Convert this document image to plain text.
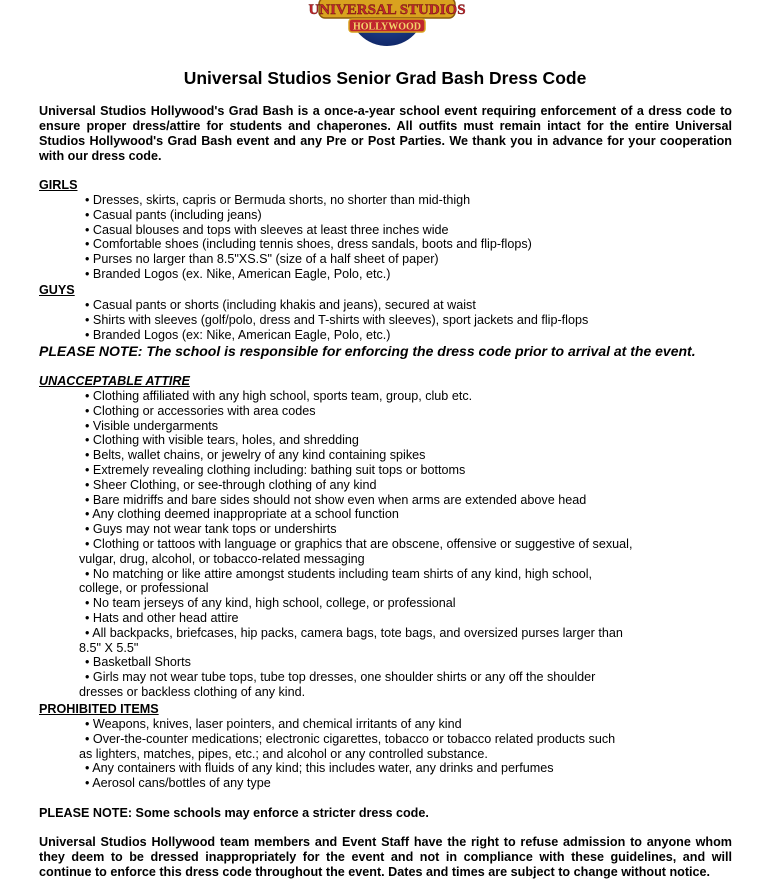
UNIVERSAL STUDIOS
HOLLYWOOD
Universal Studios Senior Grad Bash Dress Code
Universal Studios Hollywood's Grad Bash is a once-a-year school event requiring enforcement of a dress code to
ensure proper dress/attire for students and chaperones. All outfits must remain intact for the entire Universal
Studios Hollywood's Grad Bash event and any Pre or Post Parties. We thank you in advance for your cooperation
with our dress code.
GIRLS
• Dresses, skirts, capris or Bermuda shorts, no shorter than mid-thigh
• Casual pants (including jeans)
• Casual blouses and tops with sleeves at least three inches wide
• Comfortable shoes (including tennis shoes, dress sandals, boots and flip-flops)
• Purses no larger than 8.5"XS.S" (size of a half sheet of paper)
• Branded Logos (ex. Nike, American Eagle, Polo, etc.)
GUYS
• Casual pants or shorts (including khakis and jeans), secured at waist
• Shirts with sleeves (golf/polo, dress and T-shirts with sleeves), sport jackets and flip-flops
• Branded Logos (ex: Nike, American Eagle, Polo, etc.)
PLEASE NOTE: The school is responsible for enforcing the dress code prior to arrival at the event.
UNACCEPTABLE ATTIRE
• Clothing affiliated with any high school, sports team, group, club etc.
• Clothing or accessories with area codes
• Visible undergarments
• Clothing with visible tears, holes, and shredding
• Belts, wallet chains, or jewelry of any kind containing spikes
• Extremely revealing clothing including: bathing suit tops or bottoms
• Sheer Clothing, or see-through clothing of any kind
• Bare midriffs and bare sides should not show even when arms are extended above head
• Any clothing deemed inappropriate at a school function
• Guys may not wear tank tops or undershirts
• Clothing or tattoos with language or graphics that are obscene, offensive or suggestive of sexual,
vulgar, drug, alcohol, or tobacco-related messaging
• No matching or like attire amongst students including team shirts of any kind, high school,
college, or professional
• No team jerseys of any kind, high school, college, or professional
• Hats and other head attire
• All backpacks, briefcases, hip packs, camera bags, tote bags, and oversized purses larger than
8.5" X 5.5"
• Basketball Shorts
• Girls may not wear tube tops, tube top dresses, one shoulder shirts or any off the shoulder
dresses or backless clothing of any kind.
PROHIBITED ITEMS
• Weapons, knives, laser pointers, and chemical irritants of any kind
• Over-the-counter medications; electronic cigarettes, tobacco or tobacco related products such
as lighters, matches, pipes, etc.; and alcohol or any controlled substance.
• Any containers with fluids of any kind; this includes water, any drinks and perfumes
• Aerosol cans/bottles of any type
PLEASE NOTE: Some schools may enforce a stricter dress code.
Universal Studios Hollywood team members and Event Staff have the right to refuse admission to anyone whom
they deem to be dressed inappropriately for the event and not in compliance with these guidelines, and will
continue to enforce this dress code throughout the event. Dates and times are subject to change without notice.
